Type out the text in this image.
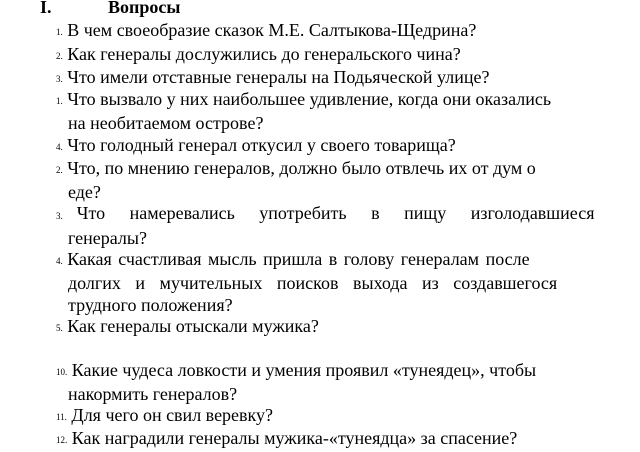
I.	Вопросы
1. В чем своеобразие сказок М.Е. Салтыкова-Щедрина?
2. Как генералы дослужились до генеральского чина?
3. Что имели отставные генералы на Подьяческой улице?
1. Что вызвало у них наибольшее удивление, когда они оказались
на необитаемом острове?
4. Что голодный генерал откусил у своего товарища?
2. Что, по мнению генералов, должно было отвлечь их от дум о
еде?
3. Что намеревались употребить в пищу изголодавшиеся
генералы?
4. Какая счастливая мысль пришла в голову генералам после
долгих и мучительных поисков выхода из создавшегося
трудного положения?
5. Как генералы отыскали мужика?
10. Какие чудеса ловкости и умения проявил «тунеядец», чтобы
накормить генералов?
11. Для чего он свил веревку?
12. Как наградили генералы мужика-«тунеядца» за спасение?
